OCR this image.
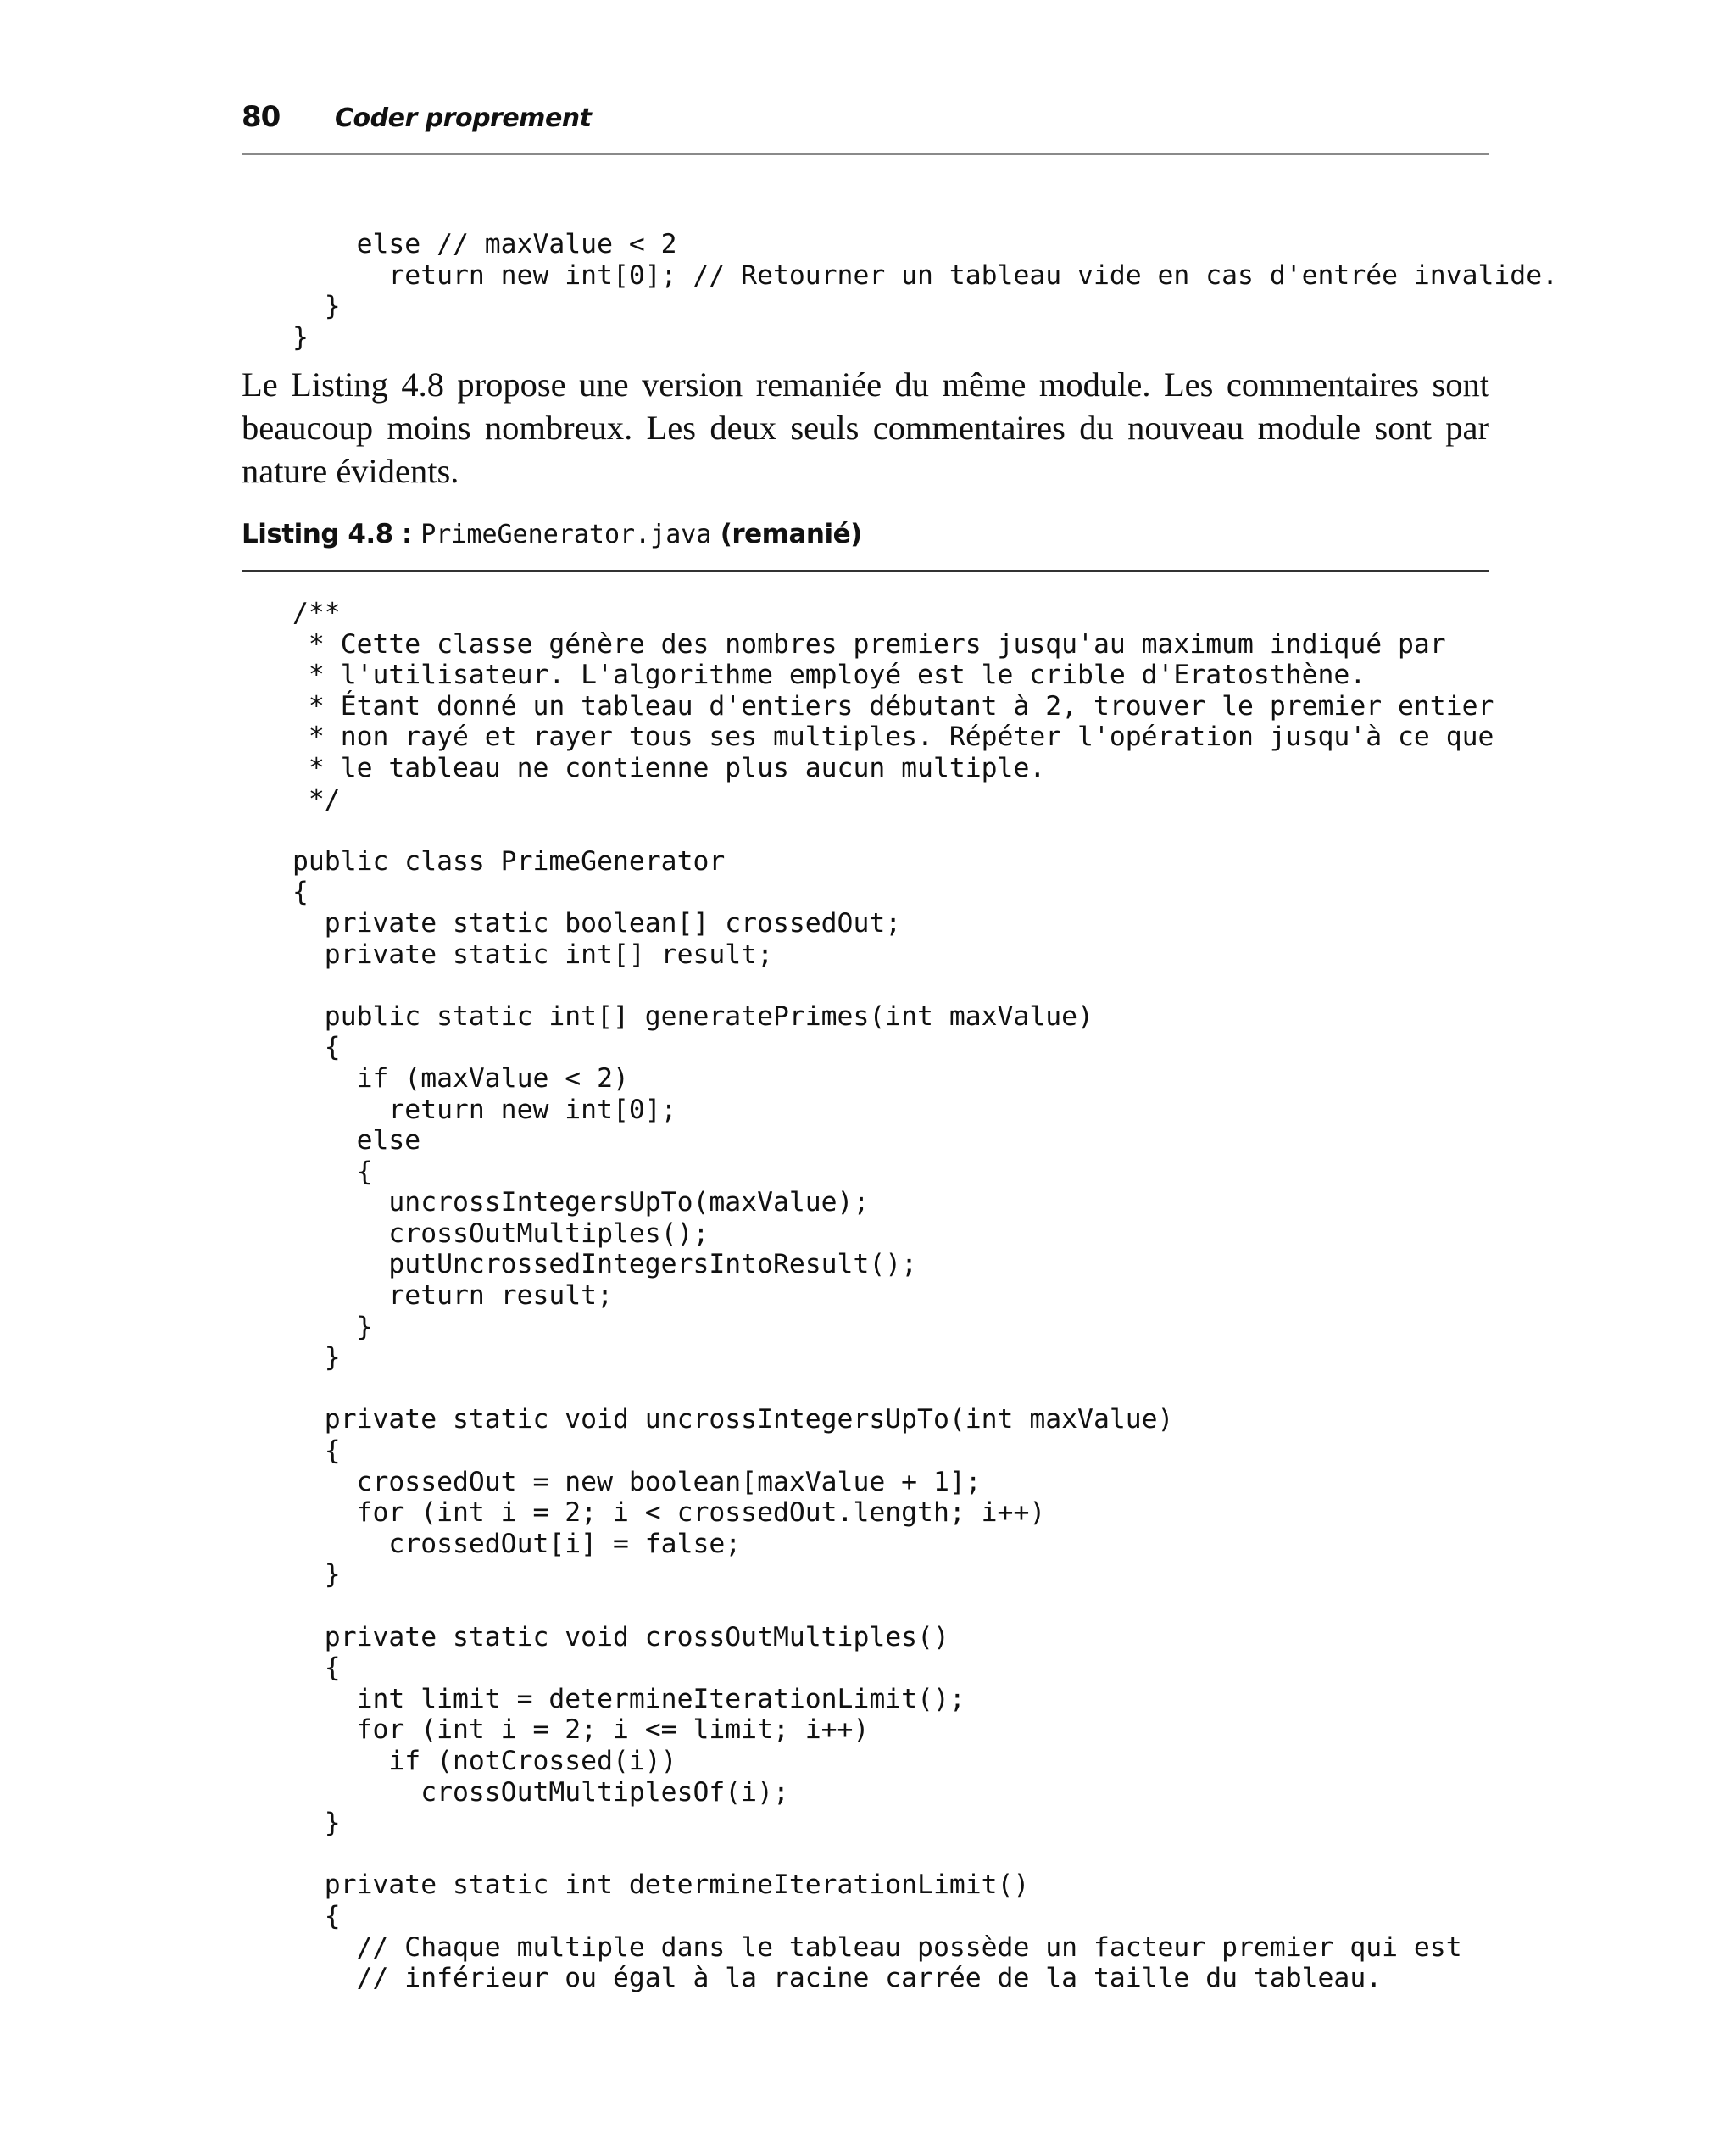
80 Coder proprement
else // maxValue < 2
return new int[0]; // Retourner un tableau vide en cas d'entrée invalide.
}
}

Le Listing 4.8 propose une version remaniée du même module. Les commentaires sont beaucoup moins nombreux. Les deux seuls commentaires du nouveau module sont par nature évidents.

Listing 4.8 : PrimeGenerator.java (remanié)
/**
* Cette classe génère des nombres premiers jusqu'au maximum indiqué par
* l'utilisateur. L'algorithme employé est le crible d'Eratosthène.
* Étant donné un tableau d'entiers débutant à 2, trouver le premier entier
* non rayé et rayer tous ses multiples. Répéter l'opération jusqu'à ce que
* le tableau ne contienne plus aucun multiple.
*/
public class PrimeGenerator
{
private static boolean[] crossedOut;
private static int[] result;
public static int[] generatePrimes(int maxValue)
{
if (maxValue < 2)
return new int[0];
else
{
uncrossIntegersUpTo(maxValue);
crossOutMultiples();
putUncrossedIntegersIntoResult();
return result;
}
}
private static void uncrossIntegersUpTo(int maxValue)
{
crossedOut = new boolean[maxValue + 1];
for (int i = 2; i < crossedOut.length; i++)
crossedOut[i] = false;
}
private static void crossOutMultiples()
{
int limit = determineIterationLimit();
for (int i = 2; i <= limit; i++)
if (notCrossed(i))
crossOutMultiplesOf(i);
}
private static int determineIterationLimit()
{
// Chaque multiple dans le tableau possède un facteur premier qui est
// inférieur ou égal à la racine carrée de la taille du tableau.
